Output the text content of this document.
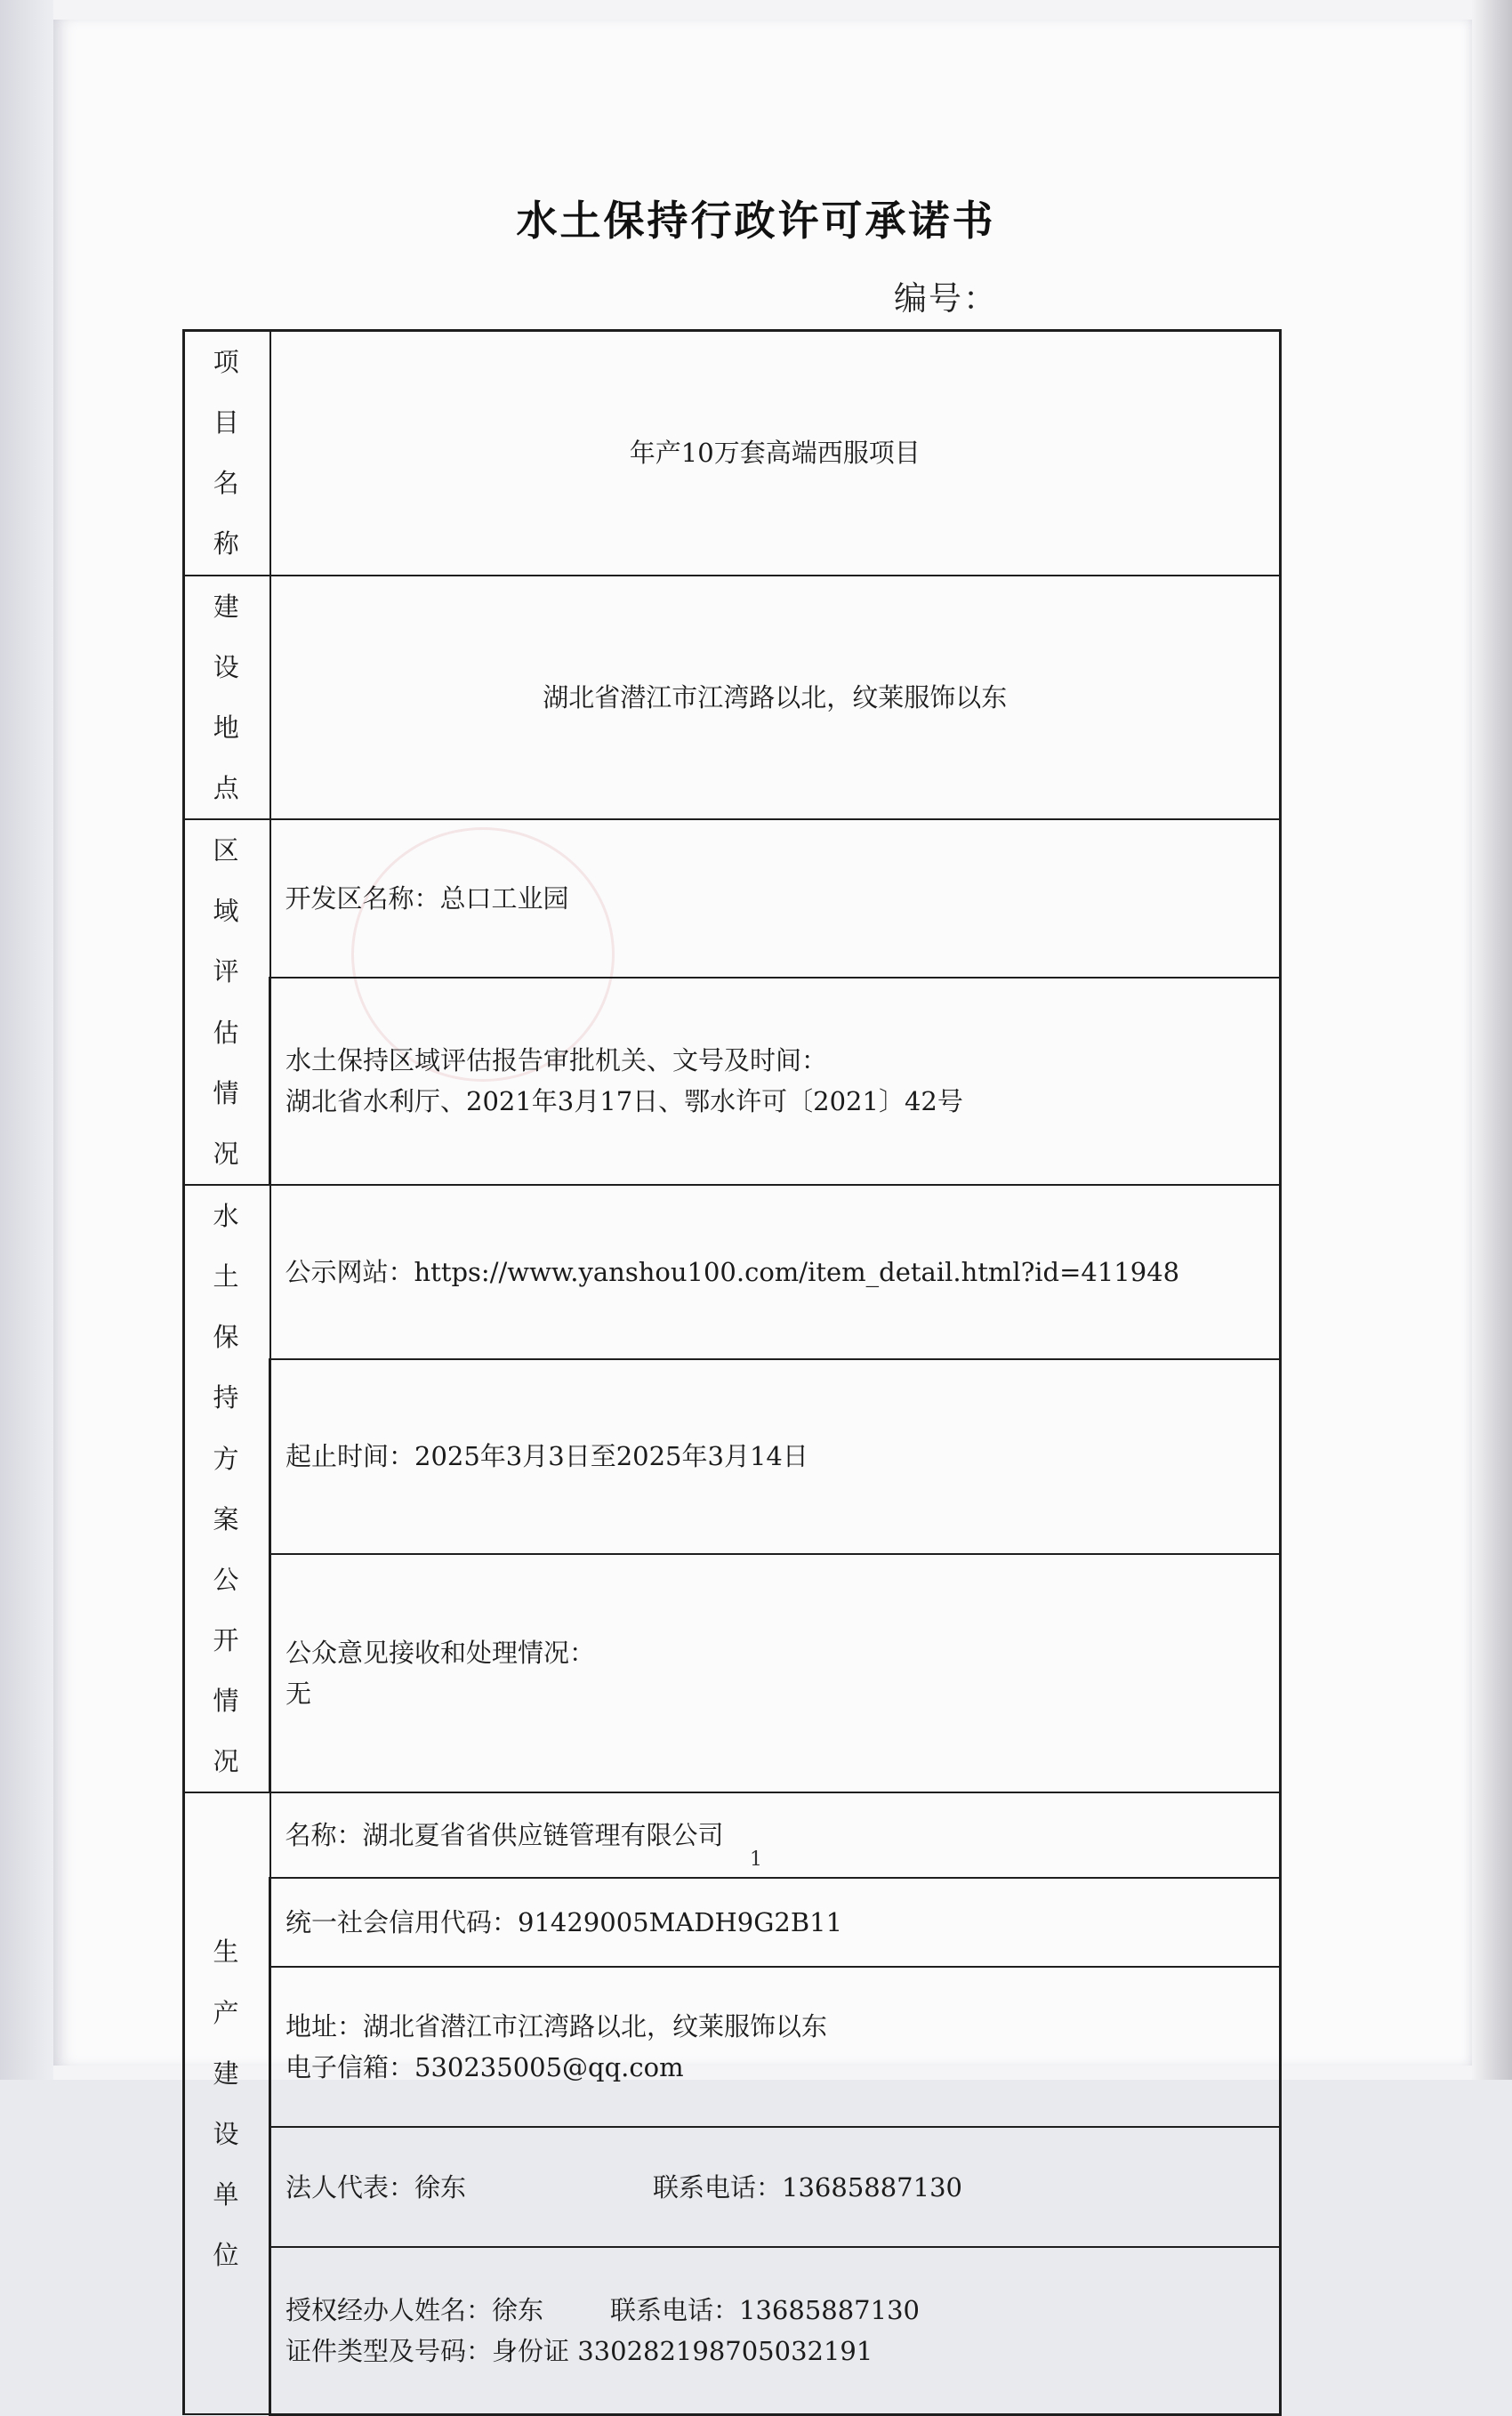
水土保持行政许可承诺书
编号：
项目名称	年产10万套高端西服项目

建设地点	湖北省潜江市江湾路以北，纹莱服饰以东

区域评估情况	开发区名称：总口工业园

	水土保持区域评估报告审批机关、文号及时间：
湖北省水利厅、2021年3月17日、鄂水许可〔2021〕42号

水土保持方案公开情况	公示网站：https://www.yanshou100.com/item_detail.html?id=411948
	起止时间：2025年3月3日至2025年3月14日

	公众意见接收和处理情况：
无

生产建设单位	名称：湖北夏省省供应链管理有限公司
	统一社会信用代码：91429005MADH9G2B11

	地址：湖北省潜江市江湾路以北，纹莱服饰以东
电子信箱：530235005@qq.com

	法人代表：徐东 联系电话：13685887130

	授权经办人姓名：徐东 联系电话：13685887130
证件类型及号码：身份证 330282198705032191
1
